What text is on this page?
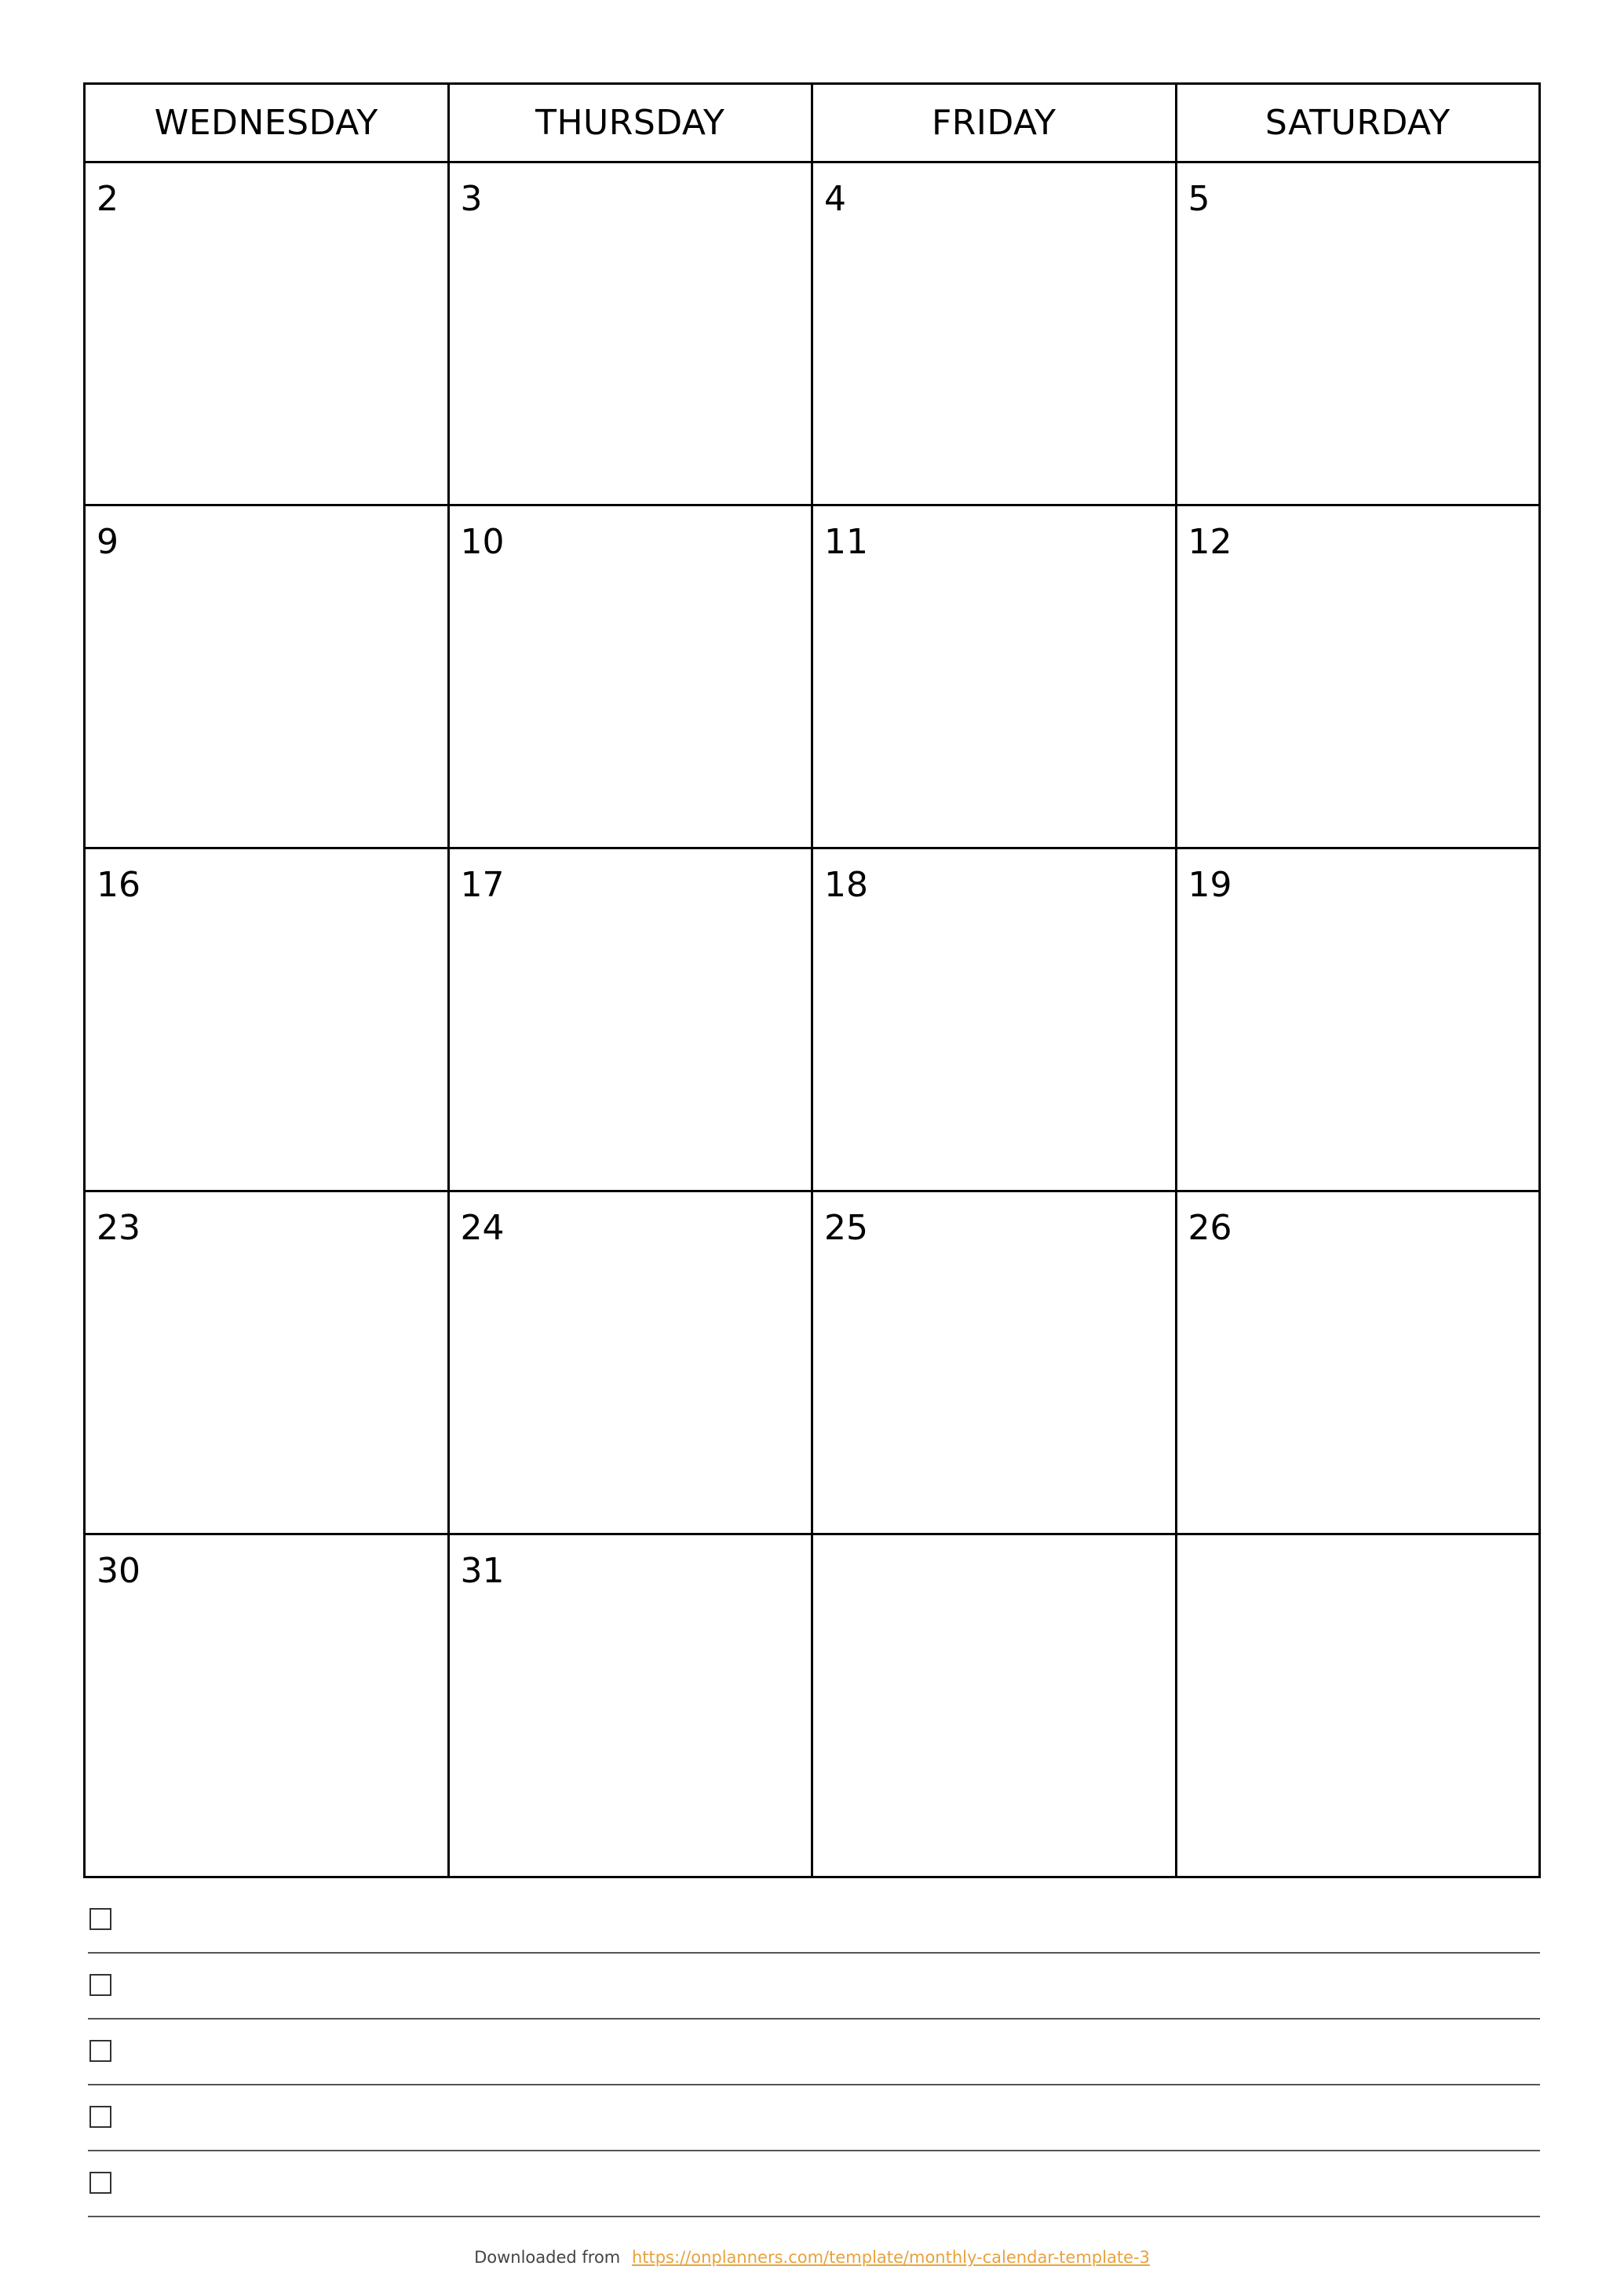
WEDNESDAY	THURSDAY	FRIDAY	SATURDAY
2	3	4	5
9	10	11	12
16	17	18	19
23	24	25	26
30	31		
Downloaded from https://onplanners.com/template/monthly-calendar-template-3
